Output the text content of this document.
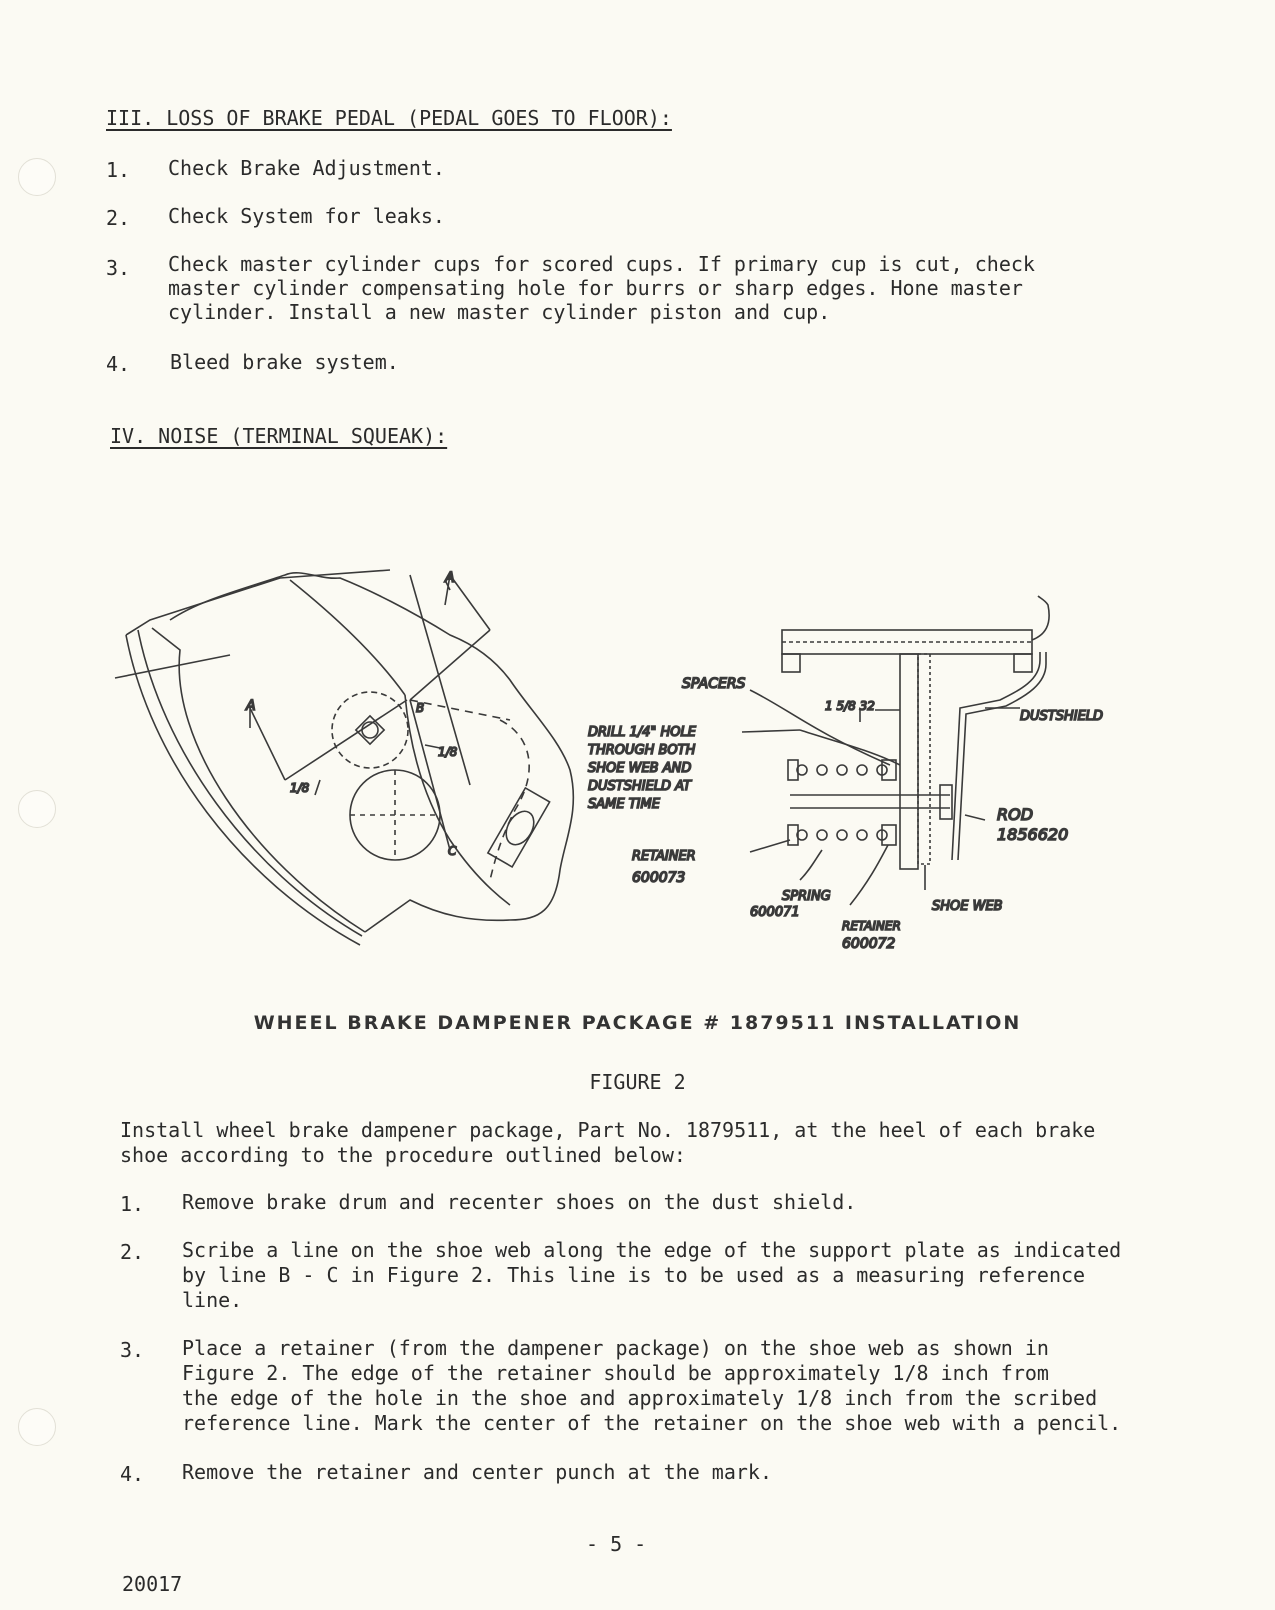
III. LOSS OF BRAKE PEDAL (PEDAL GOES TO FLOOR):
1. Check Brake Adjustment.
2. Check System for leaks.
3. Check master cylinder cups for scored cups. If primary cup is cut, check
master cylinder compensating hole for burrs or sharp edges. Hone master
cylinder. Install a new master cylinder piston and cup.
4. Bleed brake system.
IV. NOISE (TERMINAL SQUEAK):
A
A	B
C
1/8
1/8
SPACERS
1 5/8 32
DUSTSHIELD
DRILL 1/4" HOLE
THROUGH BOTH
SHOE WEB AND
DUSTSHIELD AT
SAME TIME
ROD
1856620
RETAINER
600073
SPRING
600071
RETAINER
600072
SHOE WEB
WHEEL BRAKE DAMPENER PACKAGE # 1879511 INSTALLATION
FIGURE 2
Install wheel brake dampener package, Part No. 1879511, at the heel of each brake
shoe according to the procedure outlined below:
1. Remove brake drum and recenter shoes on the dust shield.
2. Scribe a line on the shoe web along the edge of the support plate as indicated
by line B - C in Figure 2. This line is to be used as a measuring reference
line.
3. Place a retainer (from the dampener package) on the shoe web as shown in
Figure 2. The edge of the retainer should be approximately 1/8 inch from
the edge of the hole in the shoe and approximately 1/8 inch from the scribed
reference line. Mark the center of the retainer on the shoe web with a pencil.
4. Remove the retainer and center punch at the mark.
- 5 -
20017
